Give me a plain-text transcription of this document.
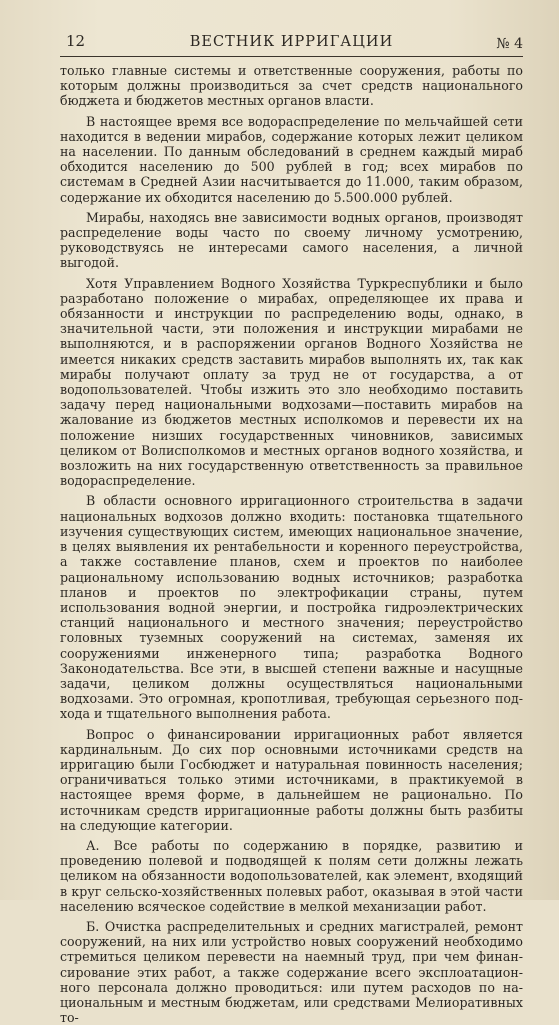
12	ВЕСТНИК ИРРИГАЦИИ	№ 4

только главные системы и ответственные сооружения, работы по которым должны производиться за счет средств национального бюджета и бюджетов местных органов власти.

В настоящее время все водораспределение по мельчайшей сети находится в ведении мирабов, содержание которых лежит целиком на населении. По данным обследований в среднем каждый мираб обходится населению до 500 рублей в год; всех мирабов по системам в Средней Азии насчитывается до 11.000, таким образом, содержание их обходится населению до 5.500.000 рублей.

Мирабы, находясь вне зависимости водных органов, производят распределение воды часто по своему личному усмотрению, руководствуясь не интересами самого населения, а личной выгодой.

Хотя Управлением Водного Хозяйства Туркреспублики и было разработано положение о мирабах, определяющее их права и обязанности и инструкции по распределению воды, однако, в значительной части, эти положения и инструкции мирабами не выполняются, и в распоряжении органов Водного Хозяйства не имеется никаких средств заставить мирабов выполнять их, так как мирабы получают оплату за труд не от государства, а от водопользователей. Чтобы изжить это зло необходимо поставить задачу перед национальными водхозами—поставить мирабов на жалование из бюджетов местных исполкомов и перевести их на положение низших государственных чиновников, зависимых целиком от Волисполкомов и местных органов водного хозяйства, и возложить на них государственную ответственность за правильное водораспределение.

В области основного ирригационного строительства в задачи национальных водхозов должно входить: постановка тщательного изучения существующих систем, имеющих национальное значение, в целях выявления их рентабельности и коренного переустройства, а также составление планов, схем и проектов по наиболее рациональному использованию водных источников; разработка планов и проектов по электрофикации страны, путем использования водной энергии, и постройка гидроэлектрических станций национального и местного значения; переустройство головных туземных сооружений на системах, заменяя их сооружениями инженерного типа; разработка Водного Законодательства. Все эти, в высшей степени важные и насущные задачи, целиком должны осуществляться национальными водхозами. Это огромная, кропотливая, требующая серьезного подхода и тщательного выполнения работа.

Вопрос о финансировании ирригационных работ является кардинальным. До сих пор основными источниками средств на ирригацию были Госбюджет и натуральная повинность населения; ограничиваться только этими источниками, в практикуемой в настоящее время форме, в дальнейшем не рационально. По источникам средств ирригационные работы должны быть разбиты на следующие категории.

А. Все работы по содержанию в порядке, развитию и проведению полевой и подводящей к полям сети должны лежать целиком на обязанности водопользователей, как элемент, входящий в круг сельско-хозяйственных полевых работ, оказывая в этой части населению всяческое содействие в мелкой механизации работ.

Б. Очистка распределительных и средних магистралей, ремонт сооружений, на них или устройство новых сооружений необходимо стремиться целиком перевести на наемный труд, при чем финансирование этих работ, а также содержание всего эксплоатационного персонала должно проводиться: или путем расходов по национальным и местным бюджетам, или средствами Мелиоративных то-
